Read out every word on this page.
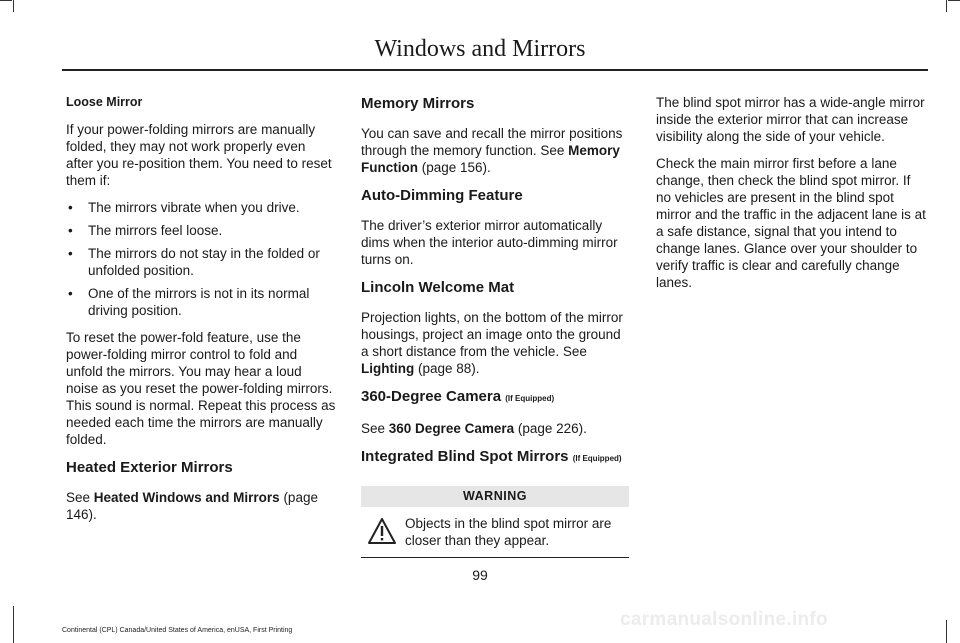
Windows and Mirrors
Loose Mirror

If your power-folding mirrors are manually folded, they may not work properly even after you re-position them. You need to reset them if:

• The mirrors vibrate when you drive.
• The mirrors feel loose.
• The mirrors do not stay in the folded or unfolded position.
• One of the mirrors is not in its normal driving position.

To reset the power-fold feature, use the power-folding mirror control to fold and unfold the mirrors. You may hear a loud noise as you reset the power-folding mirrors. This sound is normal. Repeat this process as needed each time the mirrors are manually folded.

Heated Exterior Mirrors

See Heated Windows and Mirrors (page 146).

Memory Mirrors

You can save and recall the mirror positions through the memory function. See Memory Function (page 156).

Auto-Dimming Feature

The driver’s exterior mirror automatically dims when the interior auto-dimming mirror turns on.

Lincoln Welcome Mat

Projection lights, on the bottom of the mirror housings, project an image onto the ground a short distance from the vehicle. See Lighting (page 88).

360-Degree Camera (If Equipped)

See 360 Degree Camera (page 226).

Integrated Blind Spot Mirrors (If Equipped)
WARNING
Objects in the blind spot mirror are closer than they appear.

The blind spot mirror has a wide-angle mirror inside the exterior mirror that can increase visibility along the side of your vehicle.

Check the main mirror first before a lane change, then check the blind spot mirror. If no vehicles are present in the blind spot mirror and the traffic in the adjacent lane is at a safe distance, signal that you intend to change lanes. Glance over your shoulder to verify traffic is clear and carefully change lanes.

99
Continental (CPL) Canada/United States of America, enUSA, First Printing
carmanualsonline.info
